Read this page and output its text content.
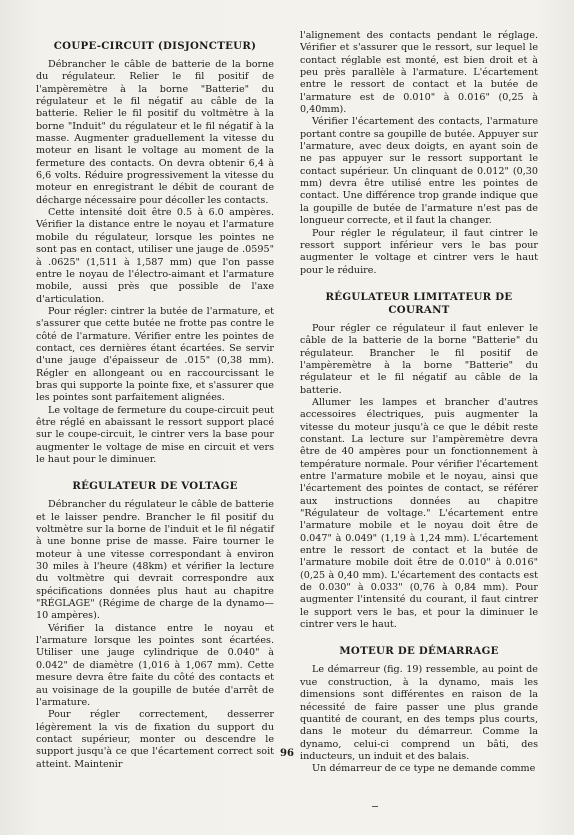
COUPE-CIRCUIT (DISJONCTEUR)

Débrancher le câble de batterie de la borne du régulateur. Relier le fil positif de l'ampèremètre à la borne "Batterie" du régulateur et le fil négatif au câble de la batterie. Relier le fil positif du voltmètre à la borne "Induit" du régulateur et le fil négatif à la masse. Augmenter graduellement la vitesse du moteur en lisant le voltage au moment de la fermeture des contacts. On devra obtenir 6,4 à 6,6 volts. Réduire progressivement la vitesse du moteur en enregistrant le débit de courant de décharge nécessaire pour décoller les contacts.

Cette intensité doit être 0.5 à 6.0 ampères. Vérifier la distance entre le noyau et l'armature mobile du régulateur, lorsque les pointes ne sont pas en contact, utiliser une jauge de .0595" à .0625" (1,511 à 1,587 mm) que l'on passe entre le noyau de l'électro-aimant et l'armature mobile, aussi près que possible de l'axe d'articulation.

Pour régler: cintrer la butée de l'armature, et s'assurer que cette butée ne frotte pas contre le côté de l'armature. Vérifier entre les pointes de contact, ces dernières étant écartées. Se servir d'une jauge d'épaisseur de .015" (0,38 mm). Régler en allongeant ou en raccourcissant le bras qui supporte la pointe fixe, et s'assurer que les pointes sont parfaitement alignées.

Le voltage de fermeture du coupe-circuit peut être réglé en abaissant le ressort support placé sur le coupe-circuit, le cintrer vers la base pour augmenter le voltage de mise en circuit et vers le haut pour le diminuer.

RÉGULATEUR DE VOLTAGE

Débrancher du régulateur le câble de batterie et le laisser pendre. Brancher le fil positif du voltmètre sur la borne de l'induit et le fil négatif à une bonne prise de masse. Faire tourner le moteur à une vitesse correspondant à environ 30 miles à l'heure (48km) et vérifier la lecture du voltmètre qui devrait correspondre aux spécifications données plus haut au chapitre "RÉGLAGE" (Régime de charge de la dynamo—10 ampères).

Vérifier la distance entre le noyau et l'armature lorsque les pointes sont écartées. Utiliser une jauge cylindrique de 0.040" à 0.042" de diamètre (1,016 à 1,067 mm). Cette mesure devra être faite du côté des contacts et au voisinage de la goupille de butée d'arrêt de l'armature.

Pour régler correctement, desserrer légèrement la vis de fixation du support du contact supérieur, monter ou descendre le support jusqu'à ce que l'écartement correct soit atteint. Maintenir

l'alignement des contacts pendant le réglage. Vérifier et s'assurer que le ressort, sur lequel le contact réglable est monté, est bien droit et à peu près parallèle à l'armature. L'écartement entre le ressort de contact et la butée de l'armature est de 0.010" à 0.016" (0,25 à 0,40mm).

Vérifier l'écartement des contacts, l'armature portant contre sa goupille de butée. Appuyer sur l'armature, avec deux doigts, en ayant soin de ne pas appuyer sur le ressort supportant le contact supérieur. Un clinquant de 0.012" (0,30 mm) devra être utilisé entre les pointes de contact. Une différence trop grande indique que la goupille de butée de l'armature n'est pas de longueur correcte, et il faut la changer.

Pour régler le régulateur, il faut cintrer le ressort support inférieur vers le bas pour augmenter le voltage et cintrer vers le haut pour le réduire.

RÉGULATEUR LIMITATEUR DE COURANT

Pour régler ce régulateur il faut enlever le câble de la batterie de la borne "Batterie" du régulateur. Brancher le fil positif de l'ampèremètre à la borne "Batterie" du régulateur et le fil négatif au câble de la batterie.

Allumer les lampes et brancher d'autres accessoires électriques, puis augmenter la vitesse du moteur jusqu'à ce que le débit reste constant. La lecture sur l'ampèremètre devra être de 40 ampères pour un fonctionnement à température normale. Pour vérifier l'écartement entre l'armature mobile et le noyau, ainsi que l'écartement des pointes de contact, se référer aux instructions données au chapitre "Régulateur de voltage." L'écartement entre l'armature mobile et le noyau doit être de 0.047" à 0.049" (1,19 à 1,24 mm). L'écartement entre le ressort de contact et la butée de l'armature mobile doit être de 0.010" à 0.016" (0,25 à 0,40 mm). L'écartement des contacts est de 0.030" à 0.033" (0,76 à 0,84 mm). Pour augmenter l'intensité du courant, il faut cintrer le support vers le bas, et pour la diminuer le cintrer vers le haut.

MOTEUR DE DÉMARRAGE

Le démarreur (fig. 19) ressemble, au point de vue construction, à la dynamo, mais les dimensions sont différentes en raison de la nécessité de faire passer une plus grande quantité de courant, en des temps plus courts, dans le moteur du démarreur. Comme la dynamo, celui-ci comprend un bâti, des inducteurs, un induit et des balais.

Un démarreur de ce type ne demande comme

96
